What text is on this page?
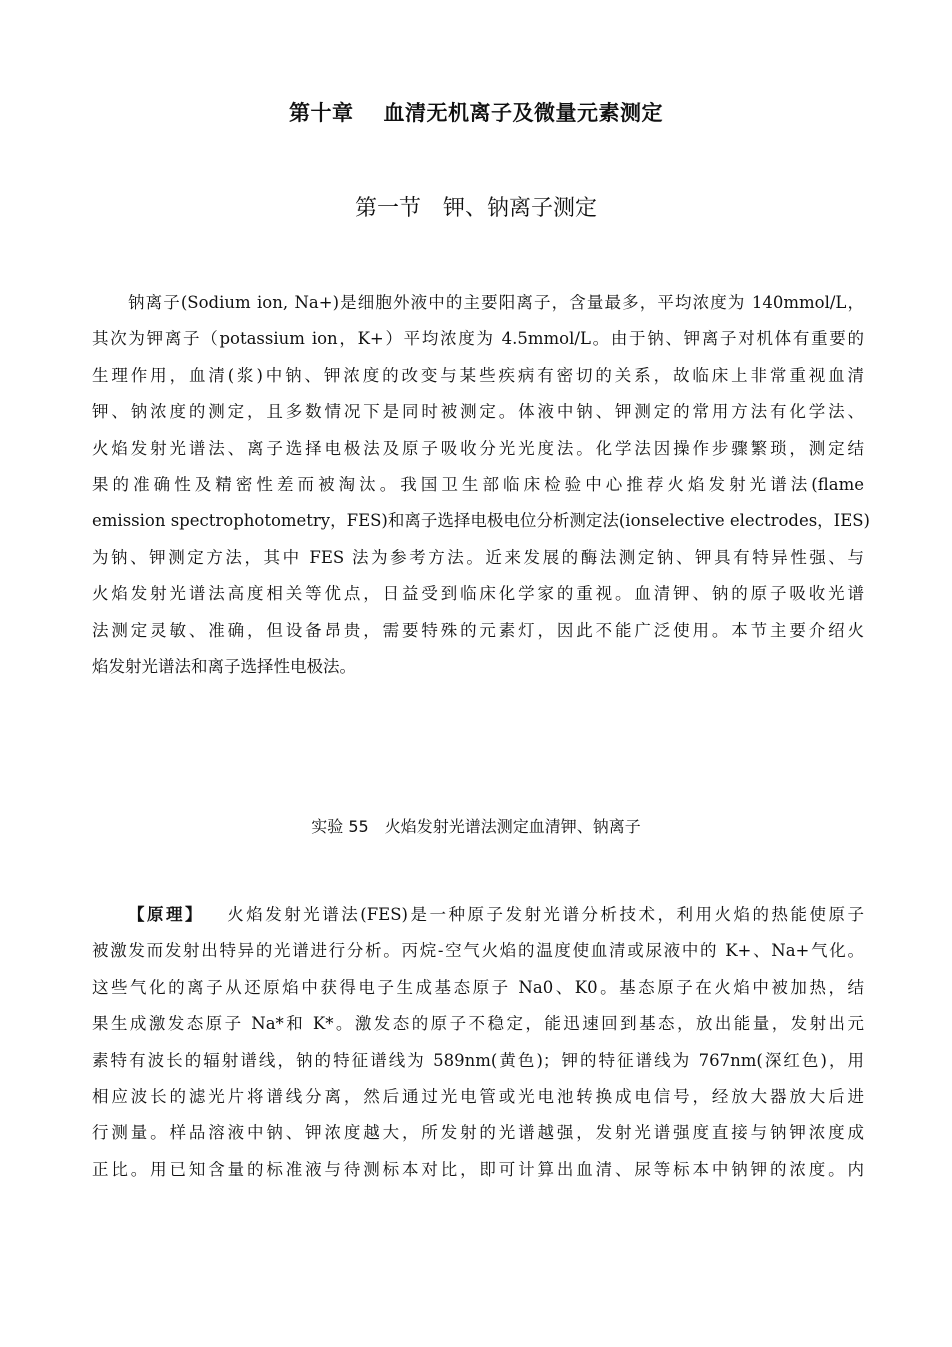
第十章 血清无机离子及微量元素测定
第一节 钾、钠离子测定
钠离子(Sodium ion, Na+)是细胞外液中的主要阳离子，含量最多，平均浓度为 140mmol/L，
其次为钾离子（potassium ion，K+）平均浓度为 4.5mmol/L。由于钠、钾离子对机体有重要的
生理作用，血清(浆)中钠、钾浓度的改变与某些疾病有密切的关系，故临床上非常重视血清
钾、钠浓度的测定，且多数情况下是同时被测定。体液中钠、钾测定的常用方法有化学法、
火焰发射光谱法、离子选择电极法及原子吸收分光光度法。化学法因操作步骤繁琐，测定结
果的准确性及精密性差而被淘汰。我国卫生部临床检验中心推荐火焰发射光谱法(flame
emission spectrophotometry，FES)和离子选择电极电位分析测定法(ionselective electrodes，IES)
为钠、钾测定方法，其中 FES 法为参考方法。近来发展的酶法测定钠、钾具有特异性强、与
火焰发射光谱法高度相关等优点，日益受到临床化学家的重视。血清钾、钠的原子吸收光谱
法测定灵敏、准确，但设备昂贵，需要特殊的元素灯，因此不能广泛使用。本节主要介绍火
焰发射光谱法和离子选择性电极法。
实验 55 火焰发射光谱法测定血清钾、钠离子
【原理】 火焰发射光谱法(FES)是一种原子发射光谱分析技术，利用火焰的热能使原子
被激发而发射出特异的光谱进行分析。丙烷-空气火焰的温度使血清或尿液中的 K+、Na+气化。
这些气化的离子从还原焰中获得电子生成基态原子 Na0、K0。基态原子在火焰中被加热，结
果生成激发态原子 Na*和 K*。激发态的原子不稳定，能迅速回到基态，放出能量，发射出元
素特有波长的辐射谱线，钠的特征谱线为 589nm(黄色)；钾的特征谱线为 767nm(深红色)，用
相应波长的滤光片将谱线分离，然后通过光电管或光电池转换成电信号，经放大器放大后进
行测量。样品溶液中钠、钾浓度越大，所发射的光谱越强，发射光谱强度直接与钠钾浓度成
正比。用已知含量的标准液与待测标本对比，即可计算出血清、尿等标本中钠钾的浓度。内
